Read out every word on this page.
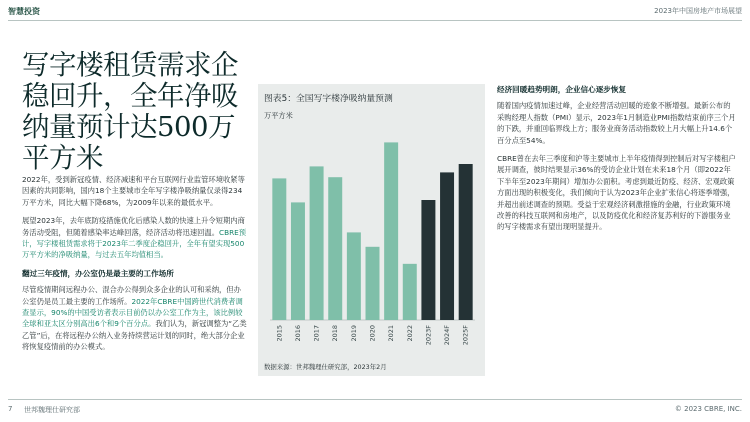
智慧投资	2023年中国房地产市场展望
写字楼租赁需求企稳回升，全年净吸纳量预计达500万平方米

2022年，受到新冠疫情、经济减速和平台互联网行业监管环境收紧等因素的共同影响，国内18个主要城市全年写字楼净吸纳量仅录得234万平方米，同比大幅下降68%，为2009年以来的最低水平。

展望2023年，去年底防疫措施优化后感染人数的快速上升令短期内商务活动受阻，但随着感染率达峰回落，经济活动将迅速回温。CBRE预计，写字楼租赁需求将于2023年二季度企稳回升，全年有望实现500万平方米的净吸纳量，与过去五年均值相当。

翻过三年疫情，办公室仍是最主要的工作场所

尽管疫情期间远程办公、混合办公得到众多企业的认可和采纳，但办公室仍是员工最主要的工作场所。2022年CBRE中国跨世代消费者调查显示，90%的中国受访者表示目前仍以办公室工作为主，该比例较全球和亚太区分别高出6个和9个百分点。我们认为，新冠调整为“乙类乙管”后，在将远程办公纳入业务持续营运计划的同时，绝大部分企业将恢复疫情前的办公模式。

图表5：全国写字楼净吸纳量预测
万平方米
2015 2016 2017 2018 2019 2020 2021 2022 2023F 2024F 2025F
数据来源：世邦魏理仕研究部，2023年2月
经济回暖趋势明朗，企业信心逐步恢复

随着国内疫情加速过峰，企业经营活动回暖的迹象不断增强。最新公布的采购经理人指数（PMI）显示，2023年1月制造业PMI指数结束前序三个月的下跌，并重回临界线上方；服务业商务活动指数较上月大幅上升14.6个百分点至54%。

CBRE曾在去年三季度和沪等主要城市上半年疫情得到控制后对写字楼租户展开调查，彼时结果显示36%的受访企业计划在未来18个月（即2022年下半年至2023年期间）增加办公面积。考虑到最近防疫、经济、宏观政策方面出现的积极变化，我们倾向于认为2023年企业扩张信心将逐季增强，并超出前述调查的预期。受益于宏观经济刺激措施的金融，行业政策环境改善的科技互联网和房地产，以及防疫优化和经济复苏利好的下游服务业的写字楼需求有望出现明显提升。

7 世邦魏理仕研究部	© 2023 CBRE, INC.
